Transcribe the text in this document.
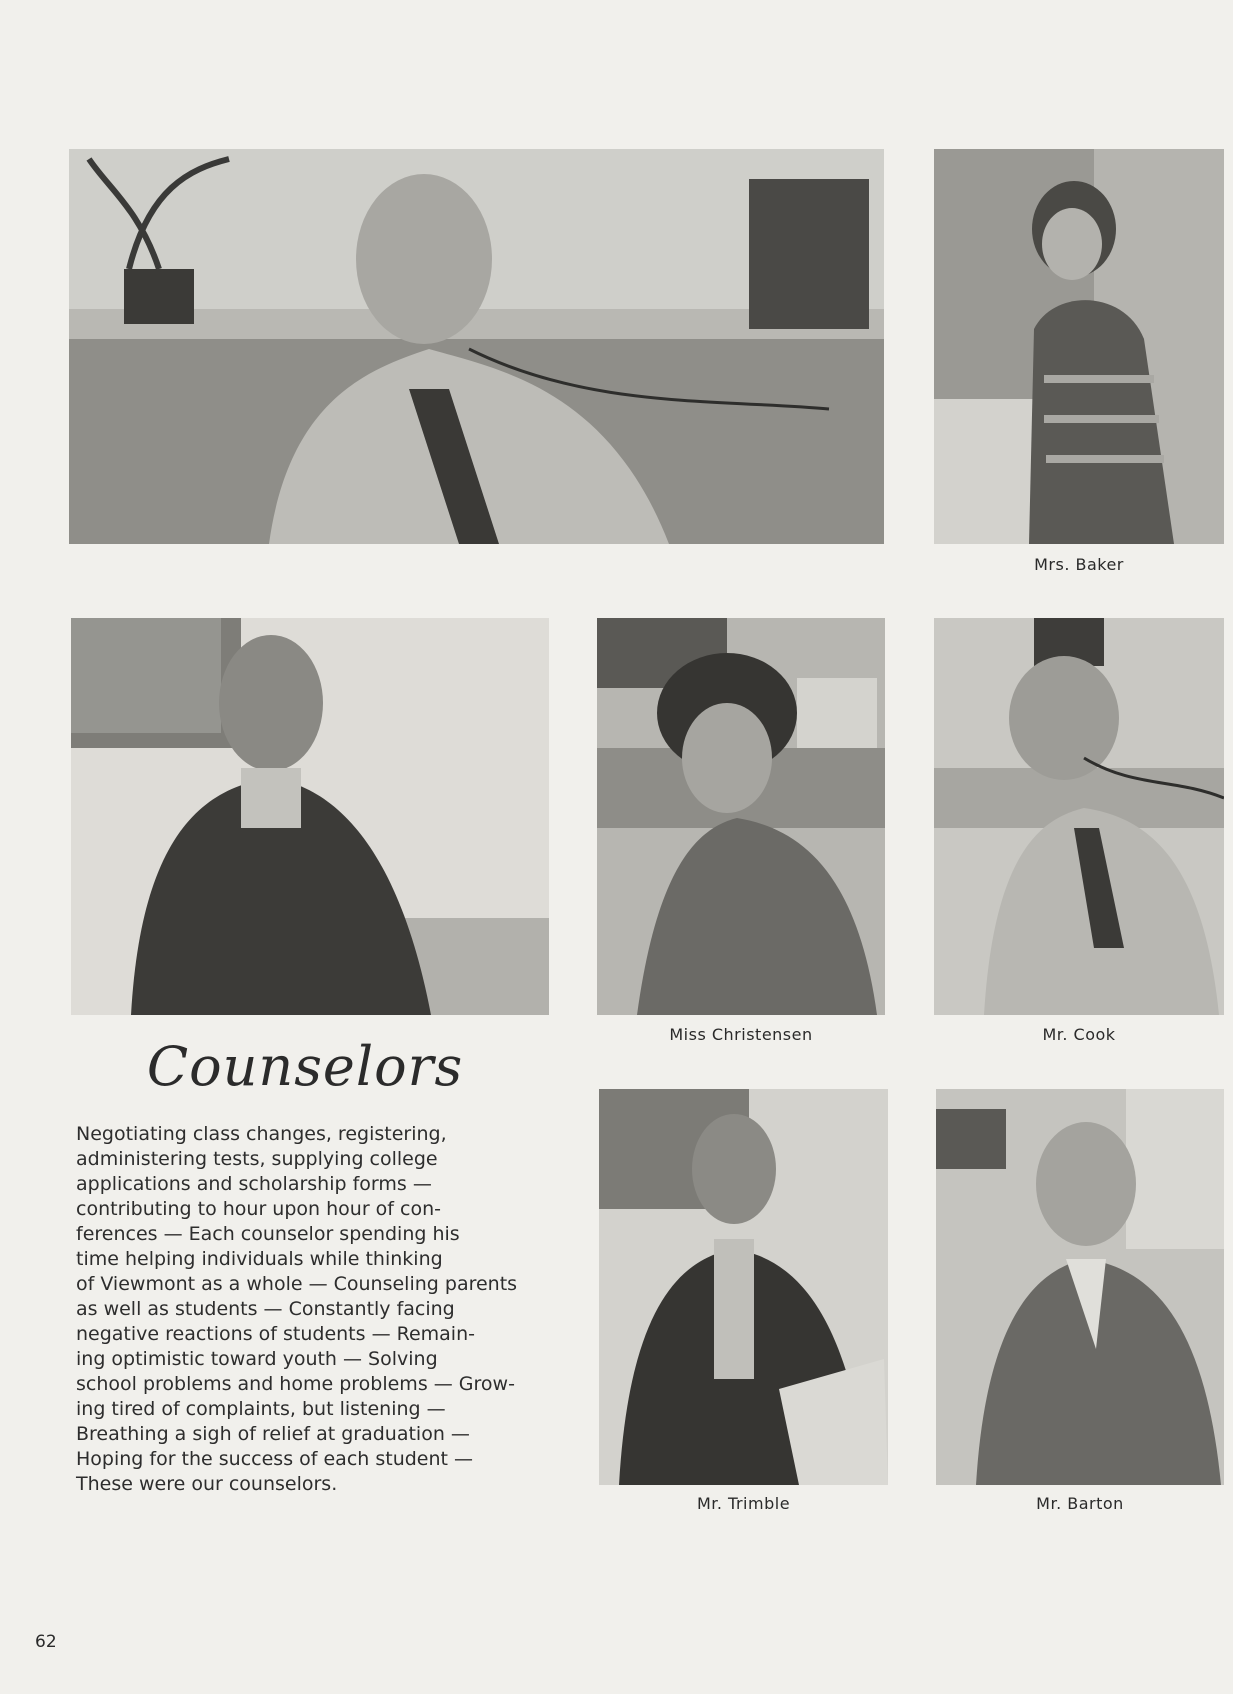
Mrs. Baker
Miss Christensen	Mr. Cook
Counselors
Negotiating class changes, registering,
administering tests, supplying college
applications and scholarship forms —
contributing to hour upon hour of con-
ferences — Each counselor spending his
time helping individuals while thinking
of Viewmont as a whole — Counseling parents
as well as students — Constantly facing
negative reactions of students — Remain-
ing optimistic toward youth — Solving
school problems and home problems — Grow-
ing tired of complaints, but listening —
Breathing a sigh of relief at graduation —
Hoping for the success of each student —
These were our counselors.
Mr. Trimble	Mr. Barton
62
